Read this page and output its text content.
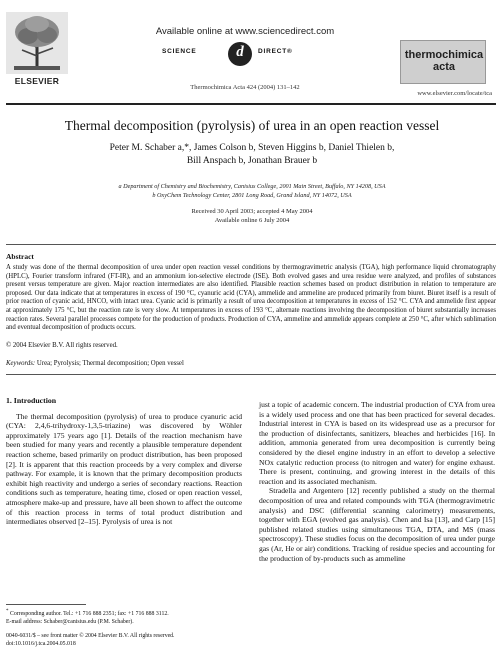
ELSEVIER
Available online at www.sciencedirect.com
SCIENCE	d	DIRECT®
Thermochimica Acta 424 (2004) 131–142
thermochimica
acta
www.elsevier.com/locate/tca
Thermal decomposition (pyrolysis) of urea in an open reaction vessel
Peter M. Schaber a,*, James Colson b, Steven Higgins b, Daniel Thielen b,
Bill Anspach b, Jonathan Brauer b
a Department of Chemistry and Biochemistry, Canisius College, 2001 Main Street, Buffalo, NY 14208, USA
b OxyChem Technology Center, 2801 Long Road, Grand Island, NY 14072, USA
Received 30 April 2003; accepted 4 May 2004
Available online 6 July 2004
Abstract
A study was done of the thermal decomposition of urea under open reaction vessel conditions by thermogravimetric analysis (TGA), high performance liquid chromatography (HPLC), Fourier transform infrared (FT-IR), and an ammonium ion-selective electrode (ISE). Both evolved gases and urea residue were analyzed, and profiles of substances present versus temperature are given. Major reaction intermediates are also identified. Plausible reaction schemes based on product distribution in relation to temperature are proposed. Our data indicate that at temperatures in excess of 190 °C, cyanuric acid (CYA), ammelide and ammeline are produced primarily from biuret. Biuret itself is a result of prior reaction of cyanic acid, HNCO, with intact urea. Cyanic acid is primarily a result of urea decomposition at temperatures in excess of 152 °C. CYA and ammelide first appear at approximately 175 °C, but the reaction rate is very slow. At temperatures in excess of 193 °C, alternate reactions involving the decomposition of biuret substantially increases reaction rates. Several parallel processes compete for the production of products. Production of CYA, ammeline and ammelide appears complete at 250 °C, after which sublimation and eventual decomposition of products occurs.
© 2004 Elsevier B.V. All rights reserved.
Keywords: Urea; Pyrolysis; Thermal decomposition; Open vessel
1. Introduction
The thermal decomposition (pyrolysis) of urea to produce cyanuric acid (CYA: 2,4,6-trihydroxy-1,3,5-triazine) was discovered by Wöhler approximately 175 years ago [1]. Details of the reaction mechanism have been studied for many years and recently a plausible temperature dependent reaction scheme, based primarily on product distribution, has been proposed [2]. It is apparent that this reaction proceeds by a very complex and diverse pathway. For example, it is known that the primary decomposition products exhibit high reactivity and undergo a series of secondary reactions. Reaction conditions such as temperature, heating time, closed or open reaction vessel, atmosphere make-up and pressure, have all been shown to affect the outcome of this reaction process in terms of total product distribution and intermediates observed [2–15]. Pyrolysis of urea is not
just a topic of academic concern. The industrial production of CYA from urea is a widely used process and one that has been practiced for several decades. Industrial interest in CYA is based on its widespread use as a precursor for the production of disinfectants, sanitizers, bleaches and herbicides [16]. In addition, ammonia generated from urea decomposition is currently being considered by the diesel engine industry in an effort to develop a selective NOx catalytic reduction process (to nitrogen and water) for engine exhaust. There is present, continuing, and growing interest in the details of this reaction and its associated mechanism.
Stradella and Argentero [12] recently published a study on the thermal decomposition of urea and related compounds with TGA (thermogravimetric analysis) and DSC (differential scanning calorimetry) measurements, together with EGA (evolved gas analysis). Chen and Isa [13], and Carp [15] published related studies using simultaneous TGA, DTA, and MS (mass spectroscopy). These studies focus on the decomposition of urea under purge gas (Ar, He or air) conditions. Tracking of residue species and accounting for the production of by-products such as ammeline
* Corresponding author. Tel.: +1 716 888 2351; fax: +1 716 888 3112.
E-mail address: Schaber@canisius.edu (P.M. Schaber).
0040-6031/$ – see front matter © 2004 Elsevier B.V. All rights reserved.
doi:10.1016/j.tca.2004.05.018
